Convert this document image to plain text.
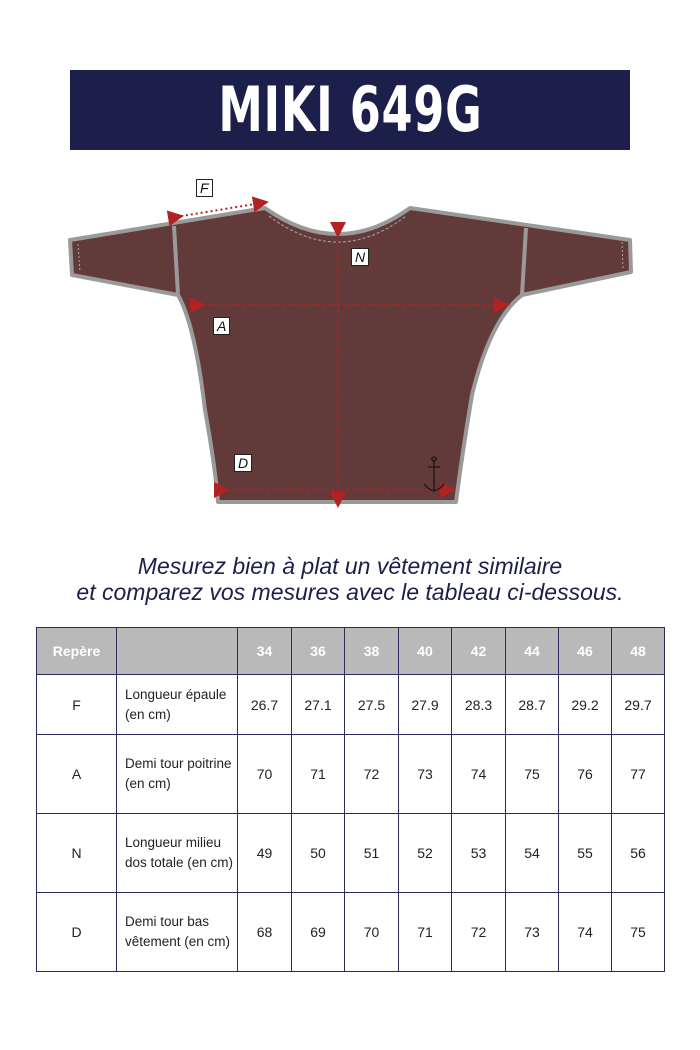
MIKI 649G
F
N
A
D
Mesurez bien à plat un vêtement similaire
et comparez vos mesures avec le tableau ci-dessous.
Repère		34	36	38	40	42	44	46	48
F	Longueur épaule (en cm)	26.7	27.1	27.5	27.9	28.3	28.7	29.2	29.7
A	Demi tour poitrine (en cm)	70	71	72	73	74	75	76	77
N	Longueur milieu dos totale (en cm)	49	50	51	52	53	54	55	56
D	Demi tour bas vêtement (en cm)	68	69	70	71	72	73	74	75
